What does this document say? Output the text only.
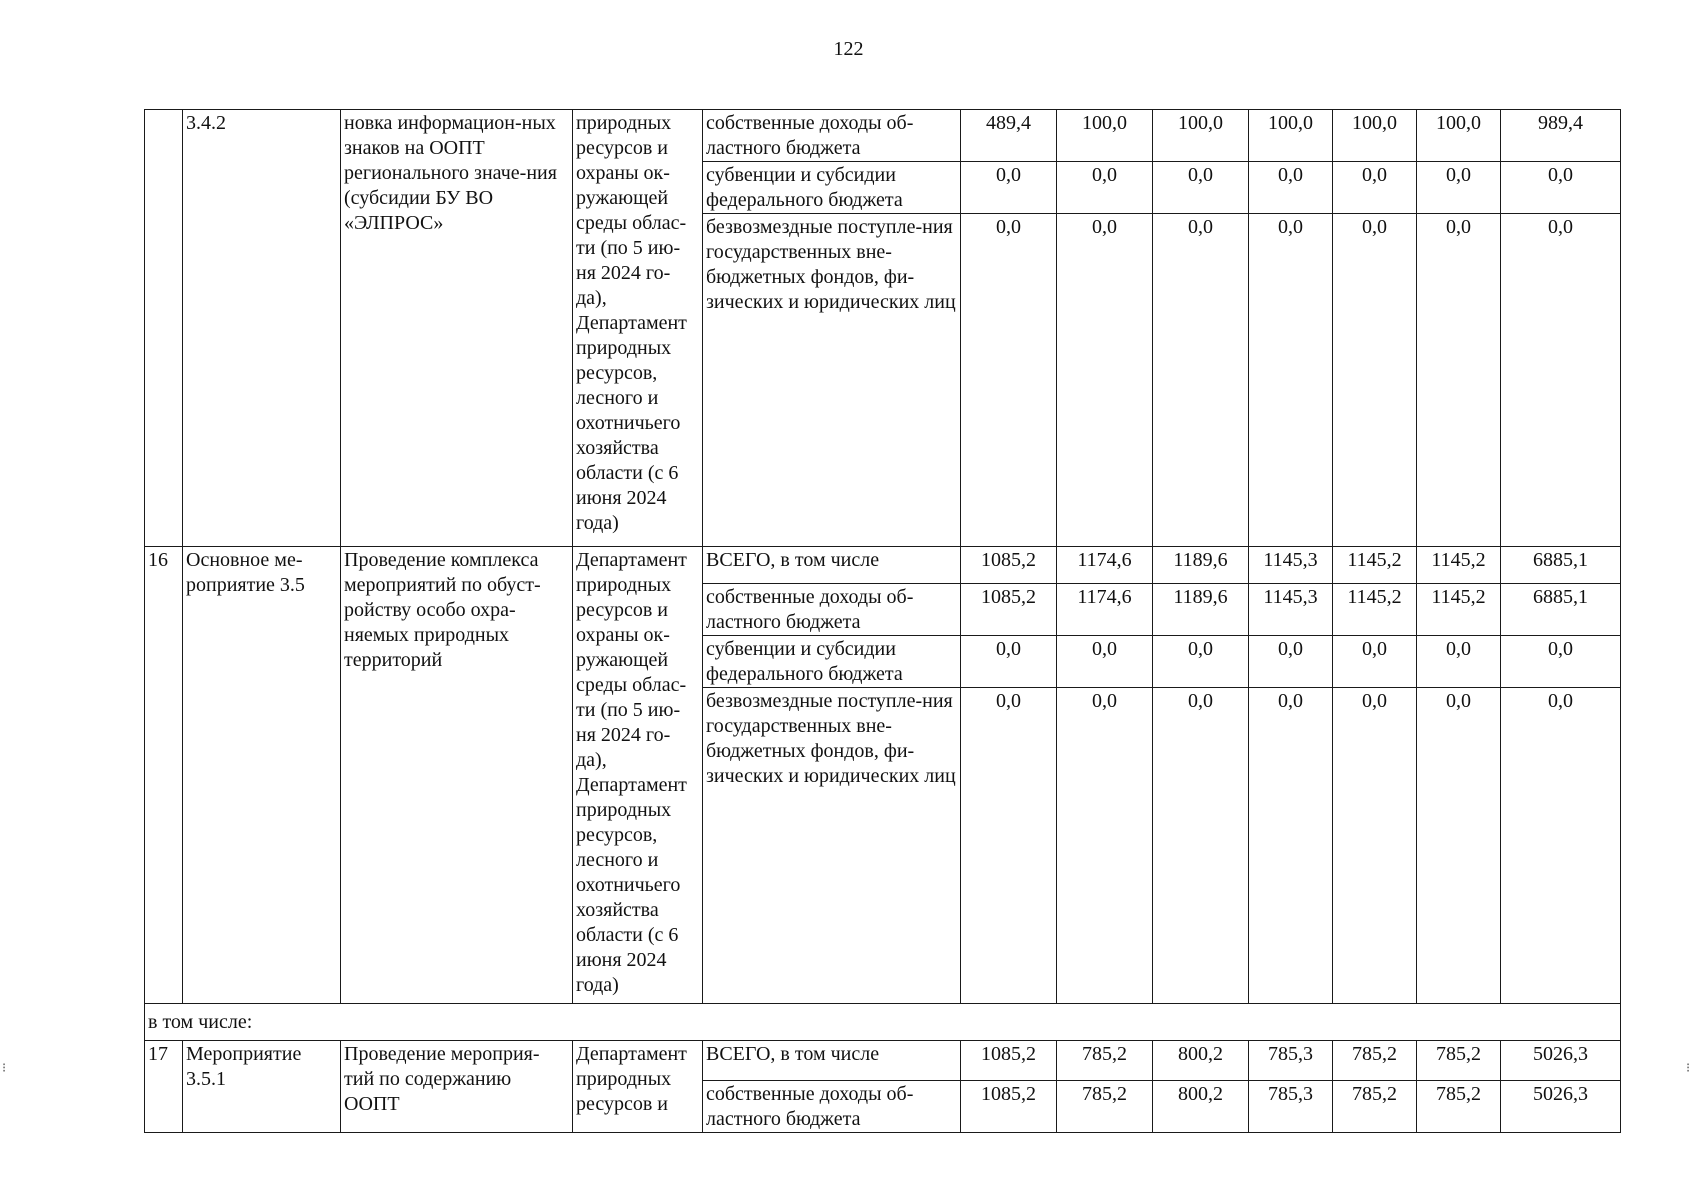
122
	3.4.2	новка информацион-ных знаков на ООПТ регионального значе-ния (субсидии БУ ВО «ЭЛПРОС»	природных ресурсов и охраны ок-ружающей среды облас-ти (по 5 ию-ня 2024 го-да), Департамент природных ресурсов, лесного и охотничьего хозяйства области (с 6 июня 2024 года)	собственные доходы об-ластного бюджета	489,4	100,0	100,0	100,0	100,0	100,0	989,4
				субвенции и субсидии федерального бюджета	0,0	0,0	0,0	0,0	0,0	0,0	0,0
				безвозмездные поступле-ния государственных вне-бюджетных фондов, фи-зических и юридических лиц	0,0	0,0	0,0	0,0	0,0	0,0	0,0
16	Основное ме-роприятие 3.5	Проведение комплекса мероприятий по обуст-ройству особо охра-няемых природных территорий	Департамент природных ресурсов и охраны ок-ружающей среды облас-ти (по 5 ию-ня 2024 го-да), Департамент природных ресурсов, лесного и охотничьего хозяйства области (с 6 июня 2024 года)	ВСЕГО, в том числе	1085,2	1174,6	1189,6	1145,3	1145,2	1145,2	6885,1
				собственные доходы об-ластного бюджета	1085,2	1174,6	1189,6	1145,3	1145,2	1145,2	6885,1
				субвенции и субсидии федерального бюджета	0,0	0,0	0,0	0,0	0,0	0,0	0,0
				безвозмездные поступле-ния государственных вне-бюджетных фондов, фи-зических и юридических лиц	0,0	0,0	0,0	0,0	0,0	0,0	0,0
в том числе:											
17	Мероприятие 3.5.1	Проведение мероприя-тий по содержанию ООПТ	Департамент природных ресурсов и	ВСЕГО, в том числе	1085,2	785,2	800,2	785,3	785,2	785,2	5026,3
				собственные доходы об-ластного бюджета	1085,2	785,2	800,2	785,3	785,2	785,2	5026,3
⁝	⁝
